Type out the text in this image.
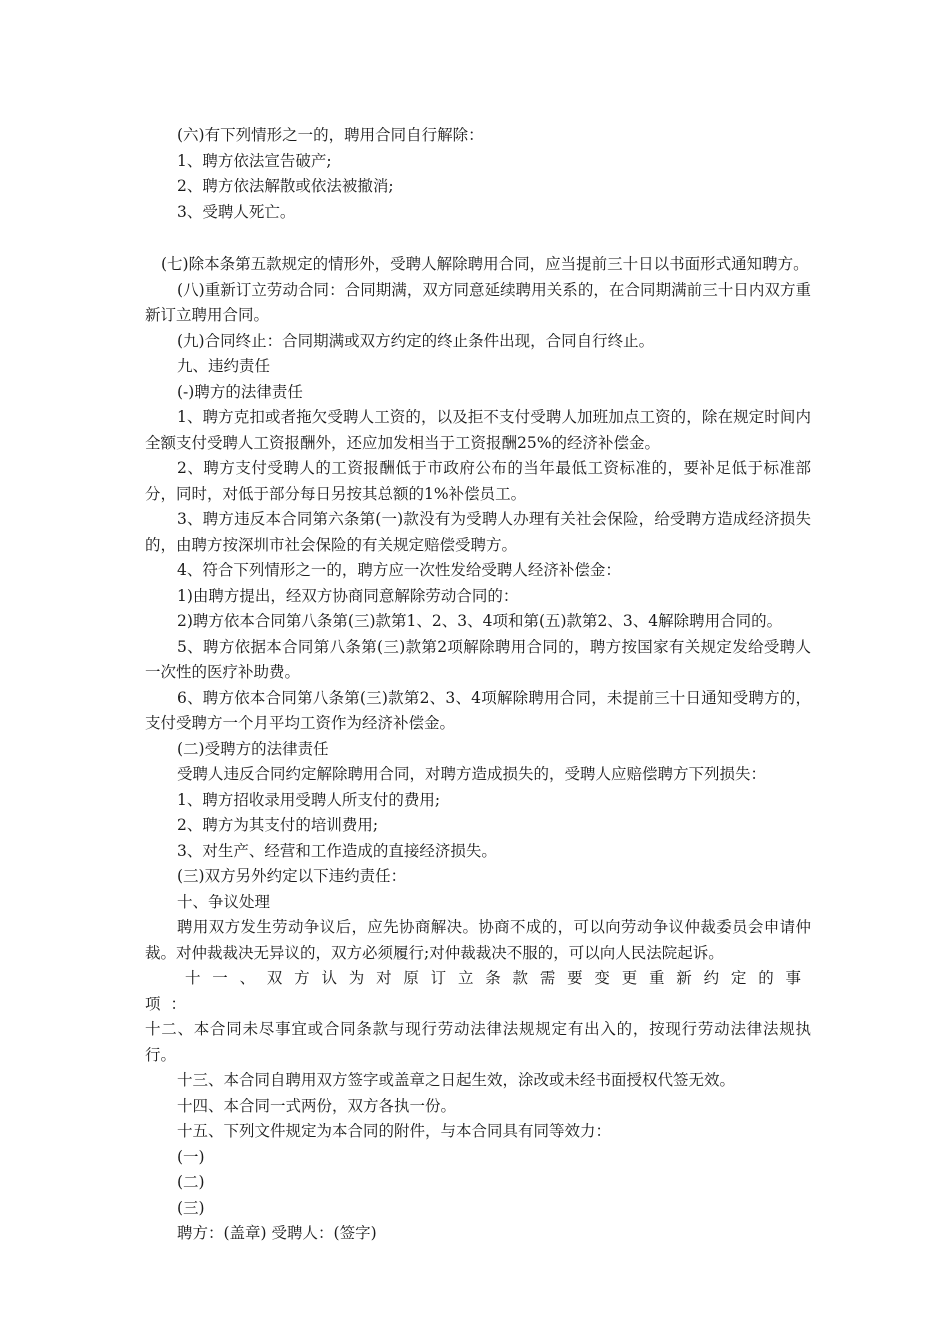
(六)有下列情形之一的，聘用合同自行解除：

1、聘方依法宣告破产;

2、聘方依法解散或依法被撤消;

3、受聘人死亡。

(七)除本条第五款规定的情形外，受聘人解除聘用合同，应当提前三十日以书面形式通知聘方。

(八)重新订立劳动合同：合同期满，双方同意延续聘用关系的，在合同期满前三十日内双方重新订立聘用合同。

(九)合同终止：合同期满或双方约定的终止条件出现，合同自行终止。

九、违约责任

(-)聘方的法律责任

1、聘方克扣或者拖欠受聘人工资的，以及拒不支付受聘人加班加点工资的，除在规定时间内全额支付受聘人工资报酬外，还应加发相当于工资报酬25%的经济补偿金。

2、聘方支付受聘人的工资报酬低于市政府公布的当年最低工资标准的，要补足低于标准部分，同时，对低于部分每日另按其总额的1%补偿员工。

3、聘方违反本合同第六条第(一)款没有为受聘人办理有关社会保险，给受聘方造成经济损失的，由聘方按深圳市社会保险的有关规定赔偿受聘方。

4、符合下列情形之一的，聘方应一次性发给受聘人经济补偿金：

1)由聘方提出，经双方协商同意解除劳动合同的：

2)聘方依本合同第八条第(三)款第1、2、3、4项和第(五)款第2、3、4解除聘用合同的。

5、聘方依据本合同第八条第(三)款第2项解除聘用合同的，聘方按国家有关规定发给受聘人一次性的医疗补助费。

6、聘方依本合同第八条第(三)款第2、3、4项解除聘用合同，未提前三十日通知受聘方的，支付受聘方一个月平均工资作为经济补偿金。

(二)受聘方的法律责任

受聘人违反合同约定解除聘用合同，对聘方造成损失的，受聘人应赔偿聘方下列损失：

1、聘方招收录用受聘人所支付的费用;

2、聘方为其支付的培训费用;

3、对生产、经营和工作造成的直接经济损失。

(三)双方另外约定以下违约责任：

十、争议处理

聘用双方发生劳动争议后，应先协商解决。协商不成的，可以向劳动争议仲裁委员会申请仲裁。对仲裁裁决无异议的，双方必须履行;对仲裁裁决不服的，可以向人民法院起诉。

十一、双方认为对原订立条款需要变更重新约定的事项：

十二、本合同未尽事宜或合同条款与现行劳动法律法规规定有出入的，按现行劳动法律法规执行。

十三、本合同自聘用双方签字或盖章之日起生效，涂改或未经书面授权代签无效。

十四、本合同一式两份，双方各执一份。

十五、下列文件规定为本合同的附件，与本合同具有同等效力：

(一)

(二)

(三)

聘方：(盖章) 受聘人：(签字)
